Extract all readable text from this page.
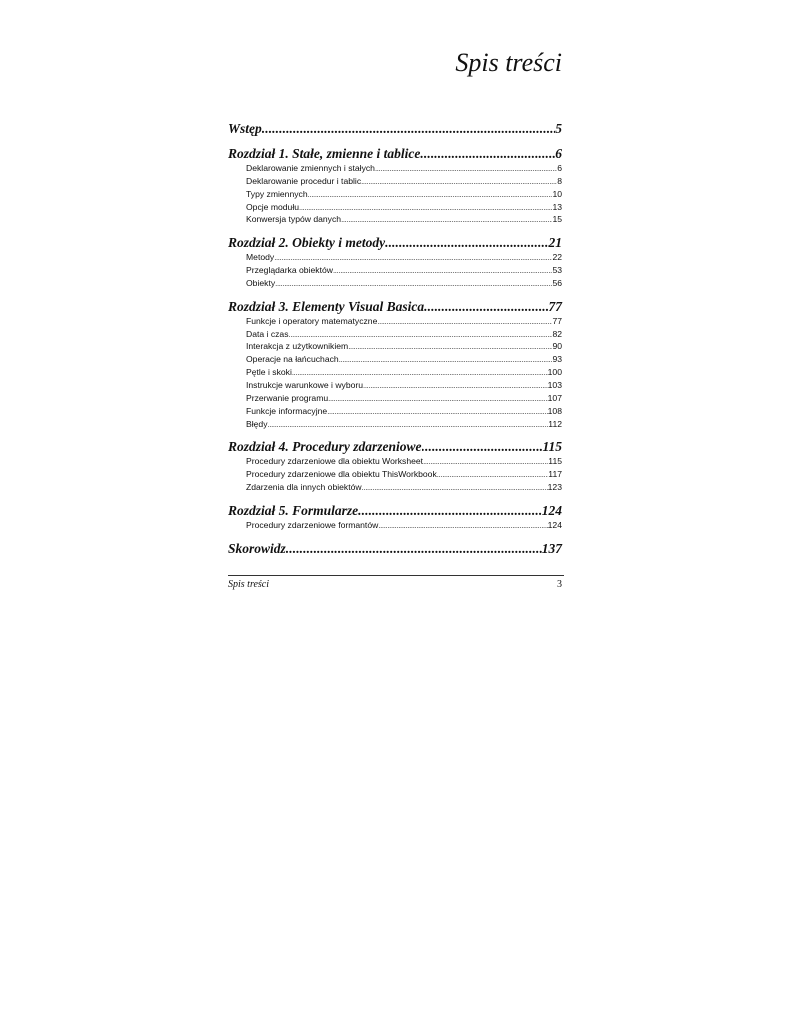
Spis treści
Wstęp .....	5
Rozdział 1. Stałe, zmienne i tablice .....	6
Deklarowanie zmiennych i stałych .....	6
Deklarowanie procedur i tablic .....	8
Typy zmiennych .....	10
Opcje modułu .....	13
Konwersja typów danych .....	15
Rozdział 2. Obiekty i metody .....	21
Metody .....	22
Przeglądarka obiektów .....	53
Obiekty .....	56
Rozdział 3. Elementy Visual Basica .....	77
Funkcje i operatory matematyczne .....	77
Data i czas .....	82
Interakcja z użytkownikiem .....	90
Operacje na łańcuchach .....	93
Pętle i skoki .....	100
Instrukcje warunkowe i wyboru .....	103
Przerwanie programu .....	107
Funkcje informacyjne .....	108
Błędy .....	112
Rozdział 4. Procedury zdarzeniowe .....	115
Procedury zdarzeniowe dla obiektu Worksheet .....	115
Procedury zdarzeniowe dla obiektu ThisWorkbook .....	117
Zdarzenia dla innych obiektów .....	123
Rozdział 5. Formularze .....	124
Procedury zdarzeniowe formantów .....	124
Skorowidz .....	137
Spis treści	3
